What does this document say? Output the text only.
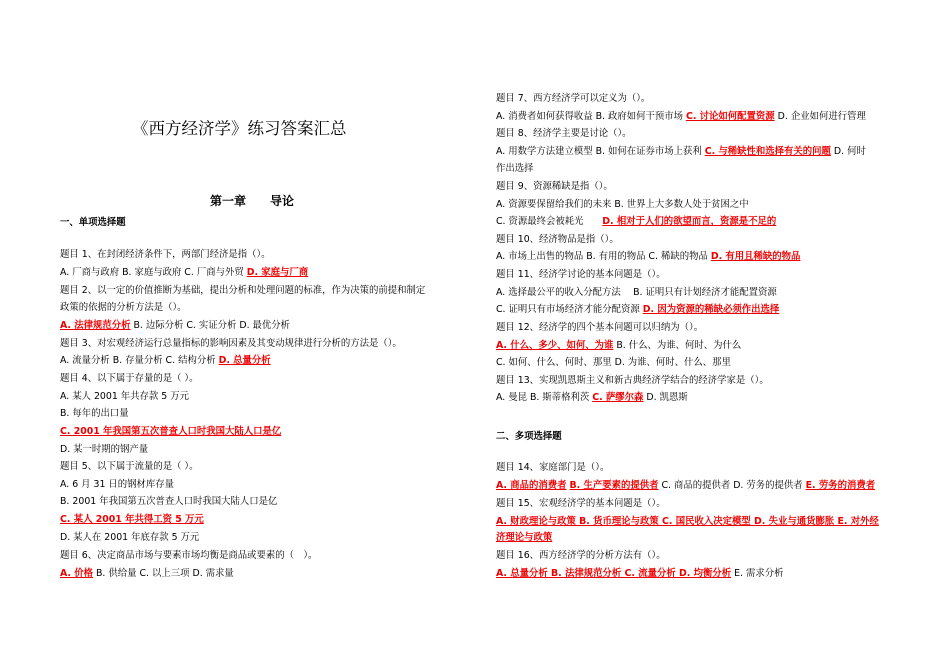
《西方经济学》练习答案汇总
第一章　　导论
一、单项选择题
二、多项选择题
题目 1、在封闭经济条件下，两部门经济是指（）。
A. 厂商与政府 B. 家庭与政府 C. 厂商与外贸 D. 家庭与厂商
题目 2、以一定的价值推断为基础，提出分析和处理问题的标准，作为决策的前提和制定
政策的依据的分析方法是（）。
A. 法律规范分析 B. 边际分析 C. 实证分析 D. 最优分析
题目 3、对宏观经济运行总量指标的影响因素及其变动规律进行分析的方法是（）。
A. 流量分析 B. 存量分析 C. 结构分析 D. 总量分析
题目 4、以下属于存量的是（ ）。
A. 某人 2001 年共存款 5 万元
B. 每年的出口量
C. 2001 年我国第五次普查人口时我国大陆人口是亿
D. 某一时期的钢产量
题目 5、以下属于流量的是（ ）。
A. 6 月 31 日的钢材库存量
B. 2001 年我国第五次普查人口时我国大陆人口是亿
C. 某人 2001 年共得工资 5 万元
D. 某人在 2001 年底存款 5 万元
题目 6、决定商品市场与要素市场均衡是商品或要素的（　）。
A. 价格 B. 供给量 C. 以上三项 D. 需求量
题目 7、西方经济学可以定义为（）。
A. 消费者如何获得收益 B. 政府如何干预市场 C. 讨论如何配置资源 D. 企业如何进行管理
题目 8、经济学主要是讨论（）。
A. 用数学方法建立模型 B. 如何在证券市场上获利 C. 与稀缺性和选择有关的问题 D. 何时
作出选择
题目 9、资源稀缺是指（）。
A. 资源要保留给我们的未来 B. 世界上大多数人处于贫困之中
C. 资源最终会被耗光　　D. 相对于人们的欲望而言，资源是不足的
题目 10、经济物品是指（）。
A. 市场上出售的物品 B. 有用的物品 C. 稀缺的物品 D. 有用且稀缺的物品
题目 11、经济学讨论的基本问题是（）。
A. 选择最公平的收入分配方法　 B. 证明只有计划经济才能配置资源
C. 证明只有市场经济才能分配资源 D. 因为资源的稀缺必须作出选择
题目 12、经济学的四个基本问题可以归纳为（）。
A. 什么、多少、如何、为谁 B. 什么、为谁、何时、为什么
C. 如何、什么、何时、那里 D. 为谁、何时、什么、那里
题目 13、实现凯恩斯主义和新古典经济学结合的经济学家是（）。
A. 曼昆 B. 斯蒂格利茨 C. 萨缪尔森 D. 凯恩斯
题目 14、家庭部门是（）。
A. 商品的消费者 B. 生产要素的提供者 C. 商品的提供者 D. 劳务的提供者 E. 劳务的消费者
题目 15、宏观经济学的基本问题是（）。
A. 财政理论与政策 B. 货币理论与政策 C. 国民收入决定模型 D. 失业与通货膨胀 E. 对外经
济理论与政策
题目 16、西方经济学的分析方法有（）。
A. 总量分析 B. 法律规范分析 C. 流量分析 D. 均衡分析 E. 需求分析
